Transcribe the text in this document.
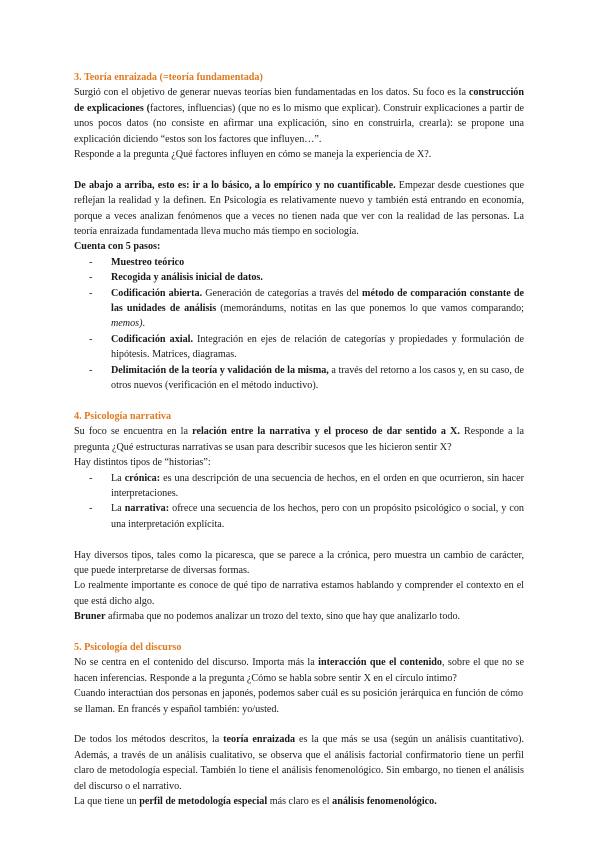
3. Teoría enraizada (=teoría fundamentada)

Surgió con el objetivo de generar nuevas teorías bien fundamentadas en los datos. Su foco es la construcción de explicaciones (factores, influencias) (que no es lo mismo que explicar). Construir explicaciones a partir de unos pocos datos (no consiste en afirmar una explicación, sino en construirla, crearla): se propone una explicación diciendo “estos son los factores que influyen…”.

Responde a la pregunta ¿Qué factores influyen en cómo se maneja la experiencia de X?.

De abajo a arriba, esto es: ir a lo básico, a lo empírico y no cuantificable. Empezar desde cuestiones que reflejan la realidad y la definen. En Psicología es relativamente nuevo y también está entrando en economía, porque a veces analizan fenómenos que a veces no tienen nada que ver con la realidad de las personas. La teoría enraizada fundamentada lleva mucho más tiempo en sociología.

Cuenta con 5 pasos:

- Muestreo teórico
- Recogida y análisis inicial de datos.
- Codificación abierta. Generación de categorías a través del método de comparación constante de las unidades de análisis (memorándums, notitas en las que ponemos lo que vamos comparando; memos).
- Codificación axial. Integración en ejes de relación de categorías y propiedades y formulación de hipótesis. Matrices, diagramas.
- Delimitación de la teoría y validación de la misma, a través del retorno a los casos y, en su caso, de otros nuevos (verificación en el método inductivo).
4. Psicología narrativa

Su foco se encuentra en la relación entre la narrativa y el proceso de dar sentido a X. Responde a la pregunta ¿Qué estructuras narrativas se usan para describir sucesos que les hicieron sentir X?

Hay distintos tipos de “historias”:

- La crónica: es una descripción de una secuencia de hechos, en el orden en que ocurrieron, sin hacer interpretaciones.
- La narrativa: ofrece una secuencia de los hechos, pero con un propósito psicológico o social, y con una interpretación explícita.

Hay diversos tipos, tales como la picaresca, que se parece a la crónica, pero muestra un cambio de carácter, que puede interpretarse de diversas formas.

Lo realmente importante es conoce de qué tipo de narrativa estamos hablando y comprender el contexto en el que está dicho algo.

Bruner afirmaba que no podemos analizar un trozo del texto, sino que hay que analizarlo todo.

5. Psicología del discurso

No se centra en el contenido del discurso. Importa más la interacción que el contenido, sobre el que no se hacen inferencias. Responde a la pregunta ¿Cómo se habla sobre sentir X en el círculo íntimo?

Cuando interactúan dos personas en japonés, podemos saber cuál es su posición jerárquica en función de cómo se llaman. En francés y español también: yo/usted.

De todos los métodos descritos, la teoría enraizada es la que más se usa (según un análisis cuantitativo). Además, a través de un análisis cualitativo, se observa que el análisis factorial confirmatorio tiene un perfil claro de metodología especial. También lo tiene el análisis fenomenológico. Sin embargo, no tienen el análisis del discurso o el narrativo.

La que tiene un perfil de metodología especial más claro es el análisis fenomenológico.
